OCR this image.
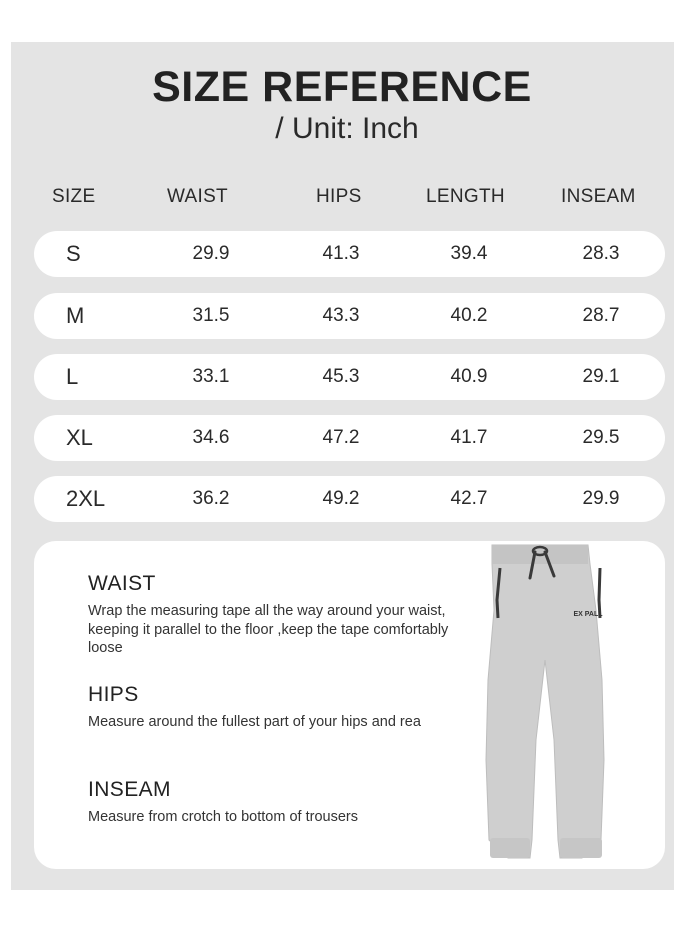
SIZE REFERENCE
/ Unit: Inch
SIZE	WAIST	HIPS	LENGTH	INSEAM
S	29.9	41.3	39.4	28.3
M	31.5	43.3	40.2	28.7
L	33.1	45.3	40.9	29.1
XL	34.6	47.2	41.7	29.5
2XL	36.2	49.2	42.7	29.9
WAIST
Wrap the measuring tape all the way around your waist, keeping it parallel to the floor ,keep the tape comfortably loose
HIPS
Measure around the fullest part of your hips and rea
INSEAM
Measure from crotch to bottom of trousers
EX PALL
